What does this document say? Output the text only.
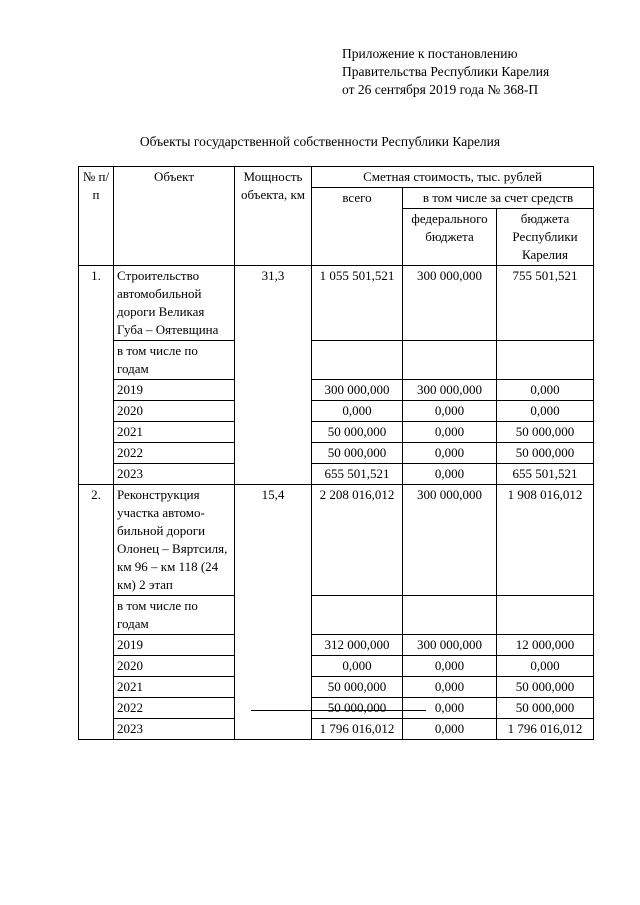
Приложение к постановлению
Правительства Республики Карелия
от 26 сентября 2019 года № 368-П
Объекты государственной собственности Республики Карелия
№ п/п	Объект	Мощность объекта, км	Сметная стоимость, тыс. рублей		
			всего	в том числе за счет средств	
				федерального бюджета	бюджета Республики Карелия
1.	Строительство автомобильной дороги Великая Губа – Оятевщина	31,3	1 055 501,521	300 000,000	755 501,521
	в том числе по годам				
	2019		300 000,000	300 000,000	0,000
	2020		0,000	0,000	0,000
	2021		50 000,000	0,000	50 000,000
	2022		50 000,000	0,000	50 000,000
	2023		655 501,521	0,000	655 501,521
2.	Реконструкция участка автомо-бильной дороги Олонец – Вяртсиля, км 96 – км 118 (24 км) 2 этап	15,4	2 208 016,012	300 000,000	1 908 016,012
	в том числе по годам				
	2019		312 000,000	300 000,000	12 000,000
	2020		0,000	0,000	0,000
	2021		50 000,000	0,000	50 000,000
	2022		50 000,000	0,000	50 000,000
	2023		1 796 016,012	0,000	1 796 016,012
